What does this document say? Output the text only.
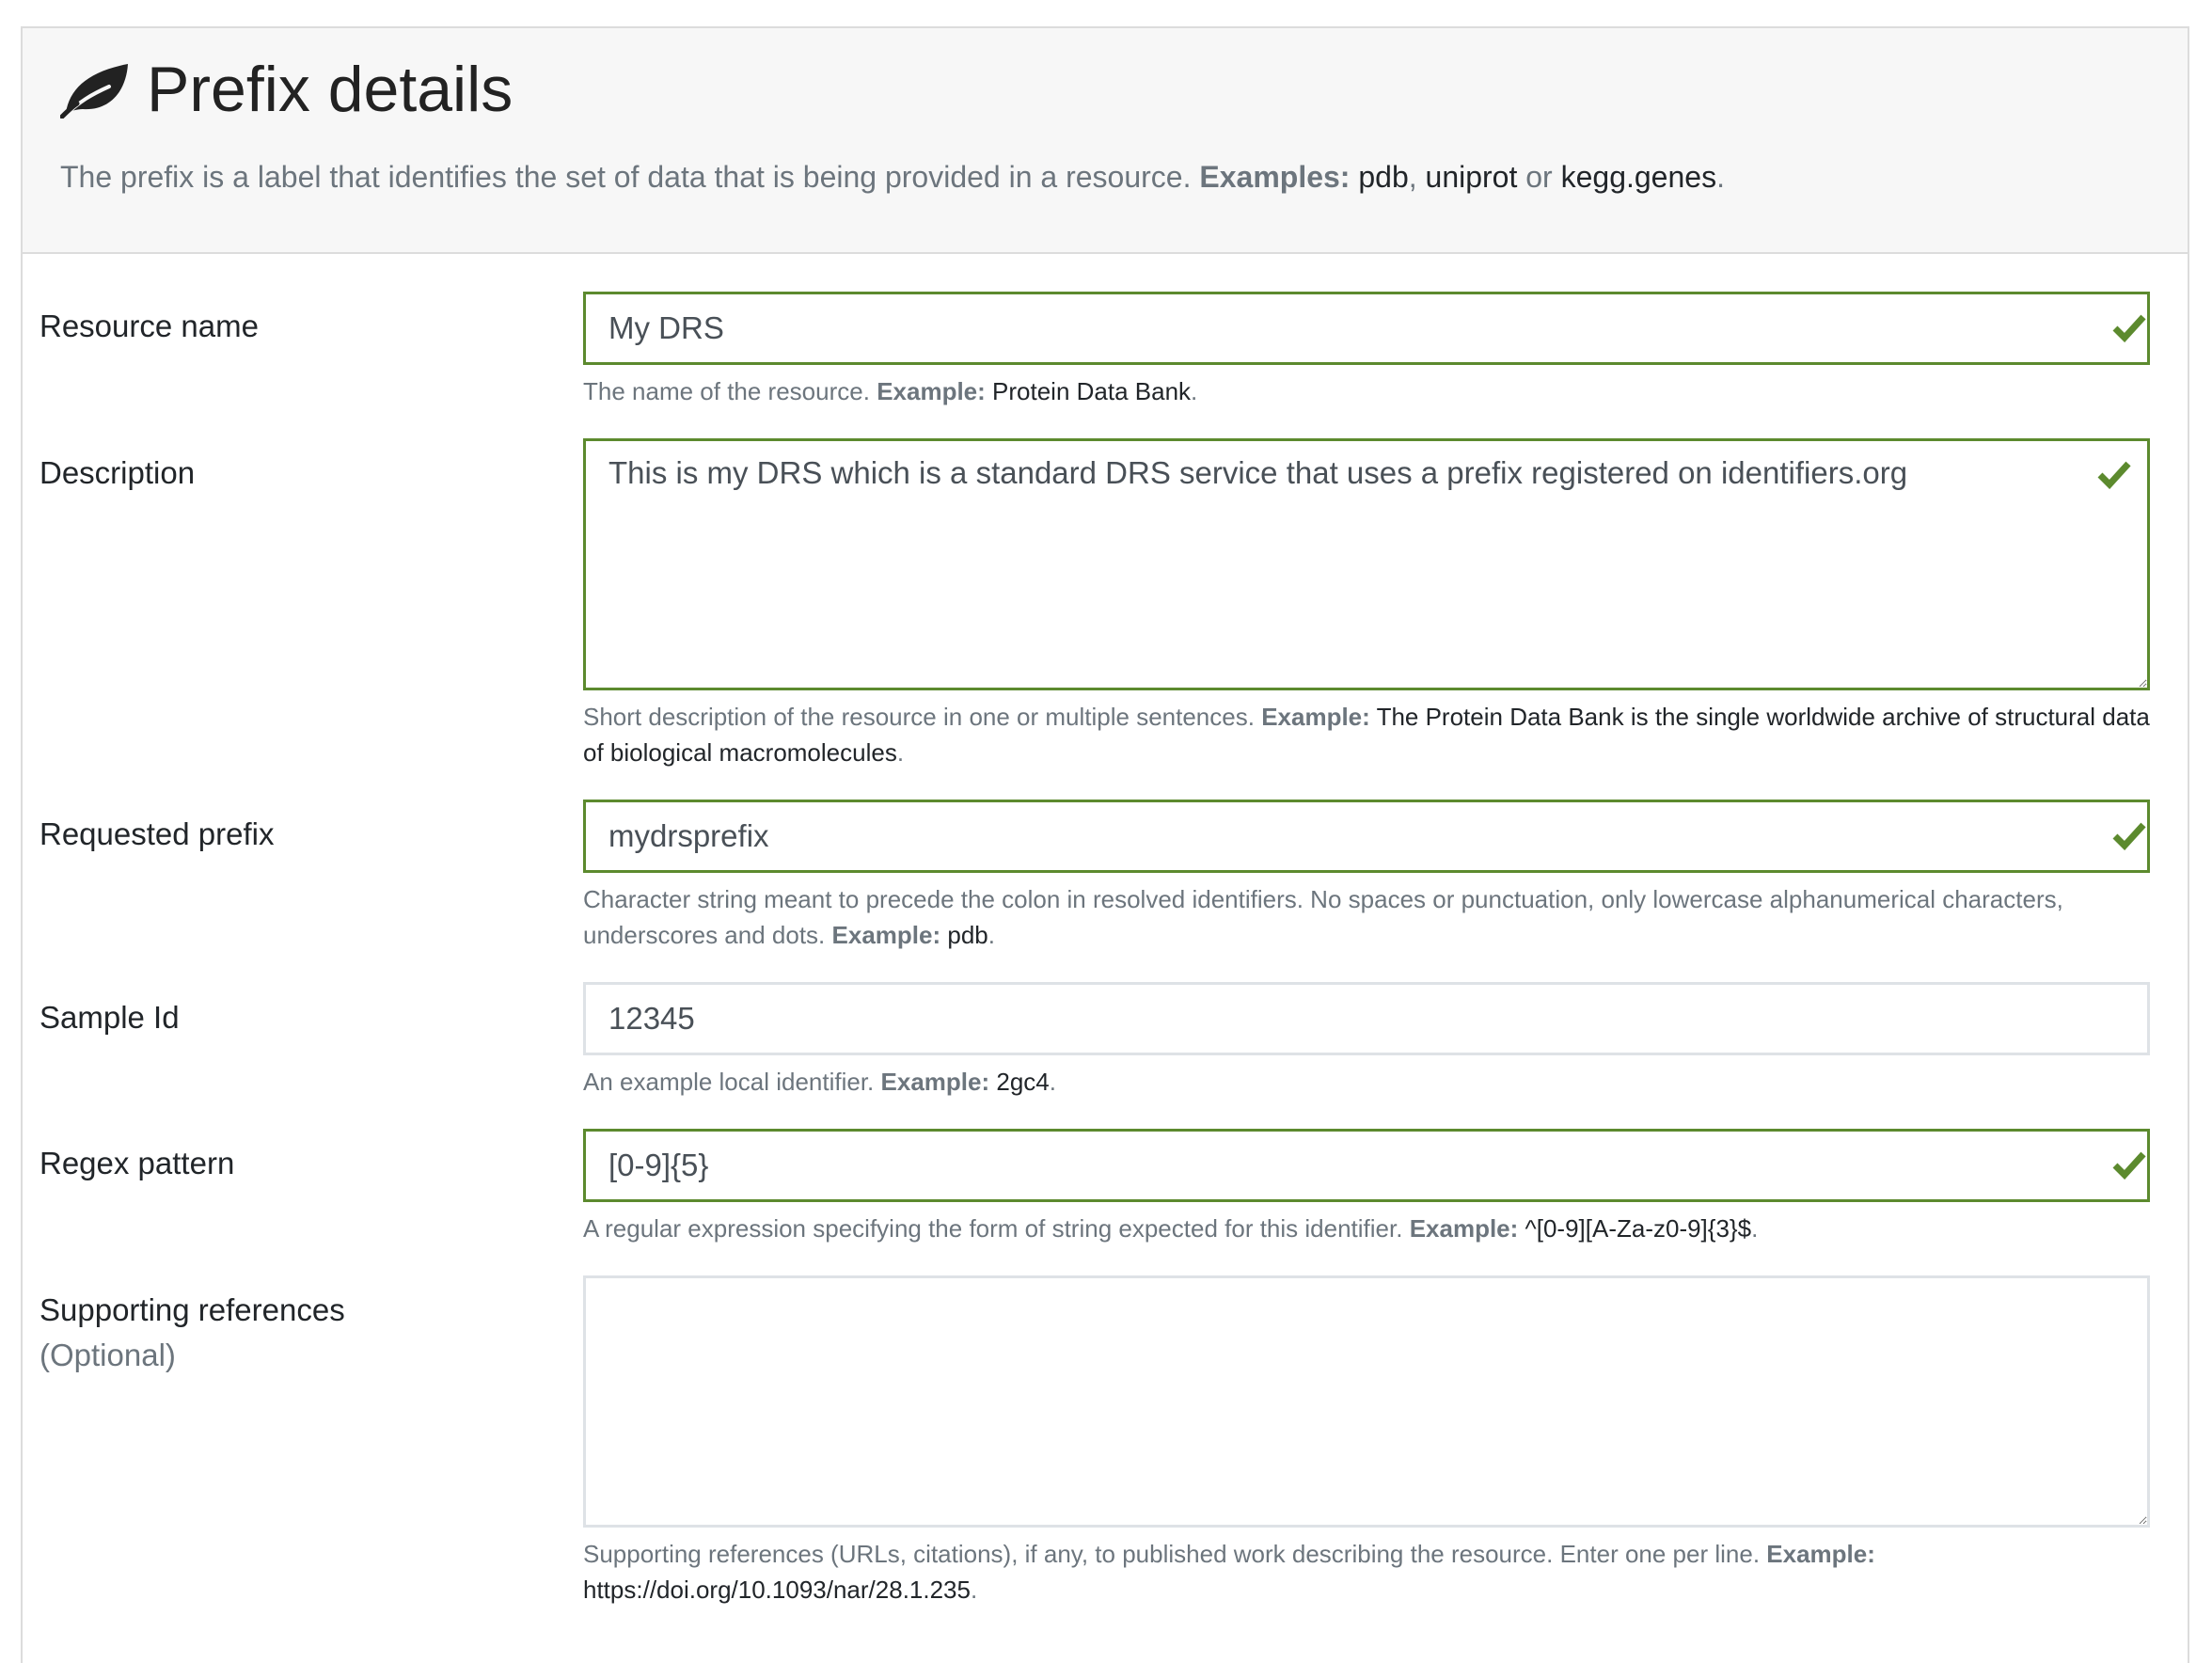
Prefix details
The prefix is a label that identifies the set of data that is being provided in a resource. Examples: pdb, uniprot or kegg.genes.
Resource name
My DRS
The name of the resource. Example: Protein Data Bank.
Description
This is my DRS which is a standard DRS service that uses a prefix registered on identifiers.org
Short description of the resource in one or multiple sentences. Example: The Protein Data Bank is the single worldwide archive of structural data of biological macromolecules.
Requested prefix
mydrsprefix
Character string meant to precede the colon in resolved identifiers. No spaces or punctuation, only lowercase alphanumerical characters, underscores and dots. Example: pdb.
Sample Id
12345
An example local identifier. Example: 2gc4.
Regex pattern
[0-9]{5}
A regular expression specifying the form of string expected for this identifier. Example: ^[0-9][A-Za-z0-9]{3}$.
Supporting references
(Optional)
Supporting references (URLs, citations), if any, to published work describing the resource. Enter one per line. Example: https://doi.org/10.1093/nar/28.1.235.
